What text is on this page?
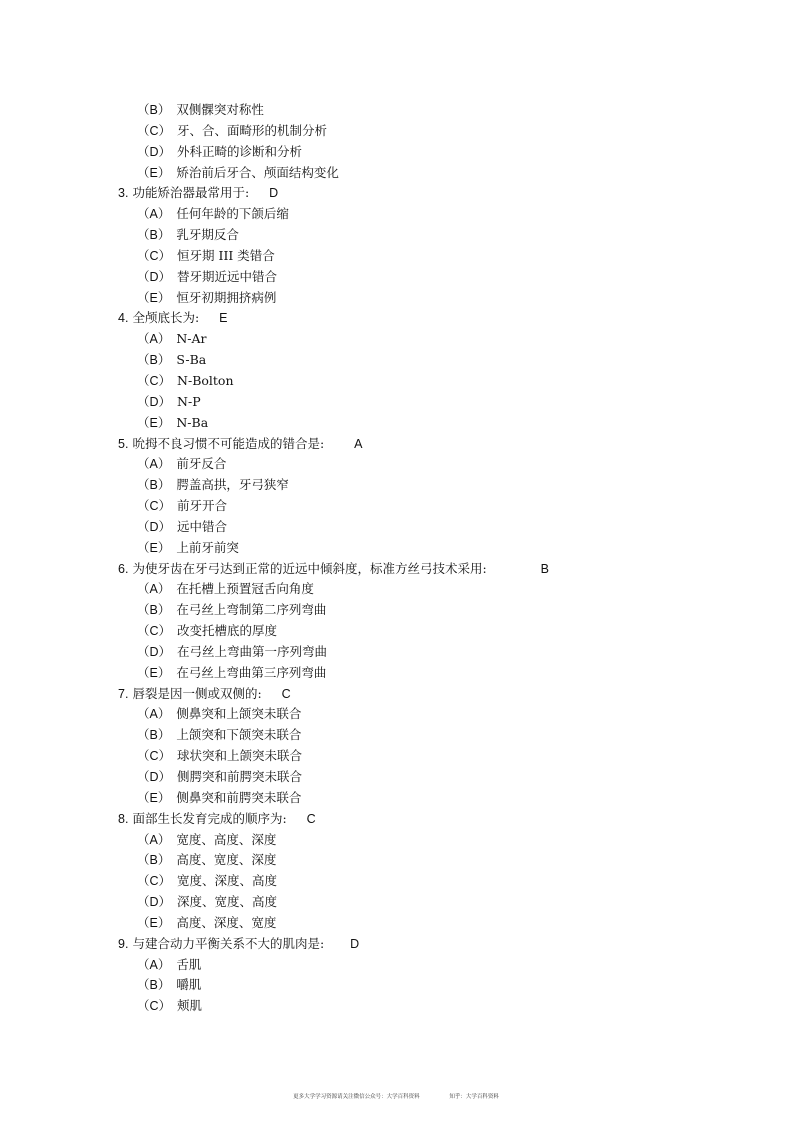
（B） 双侧髁突对称性
（C） 牙、合、面畸形的机制分析
（D） 外科正畸的诊断和分析
（E） 矫治前后牙合、颅面结构变化
3. 功能矫治器最常用于: D
（A） 任何年龄的下颌后缩
（B） 乳牙期反合
（C） 恒牙期 III 类错合
（D） 替牙期近远中错合
（E） 恒牙初期拥挤病例
4. 全颅底长为: E
（A） N-Ar
（B） S-Ba
（C） N-Bolton
（D） N-P
（E） N-Ba
5. 吮拇不良习惯不可能造成的错合是: A
（A） 前牙反合
（B） 腭盖高拱，牙弓狭窄
（C） 前牙开合
（D） 远中错合
（E） 上前牙前突
6. 为使牙齿在牙弓达到正常的近远中倾斜度，标准方丝弓技术采用:	B
（A） 在托槽上预置冠舌向角度
（B） 在弓丝上弯制第二序列弯曲
（C） 改变托槽底的厚度
（D） 在弓丝上弯曲第一序列弯曲
（E） 在弓丝上弯曲第三序列弯曲
7. 唇裂是因一侧或双侧的: C
（A） 侧鼻突和上颌突未联合
（B） 上颌突和下颌突未联合
（C） 球状突和上颌突未联合
（D） 侧腭突和前腭突未联合
（E） 侧鼻突和前腭突未联合
8. 面部生长发育完成的顺序为: C
（A） 宽度、高度、深度
（B） 高度、宽度、深度
（C） 宽度、深度、高度
（D） 深度、宽度、高度
（E） 高度、深度、宽度
9. 与建合动力平衡关系不大的肌肉是: D
（A） 舌肌
（B） 嚼肌
（C） 颊肌
更多大学学习资源请关注微信公众号：大学百科资料	知乎：大学百科资料
